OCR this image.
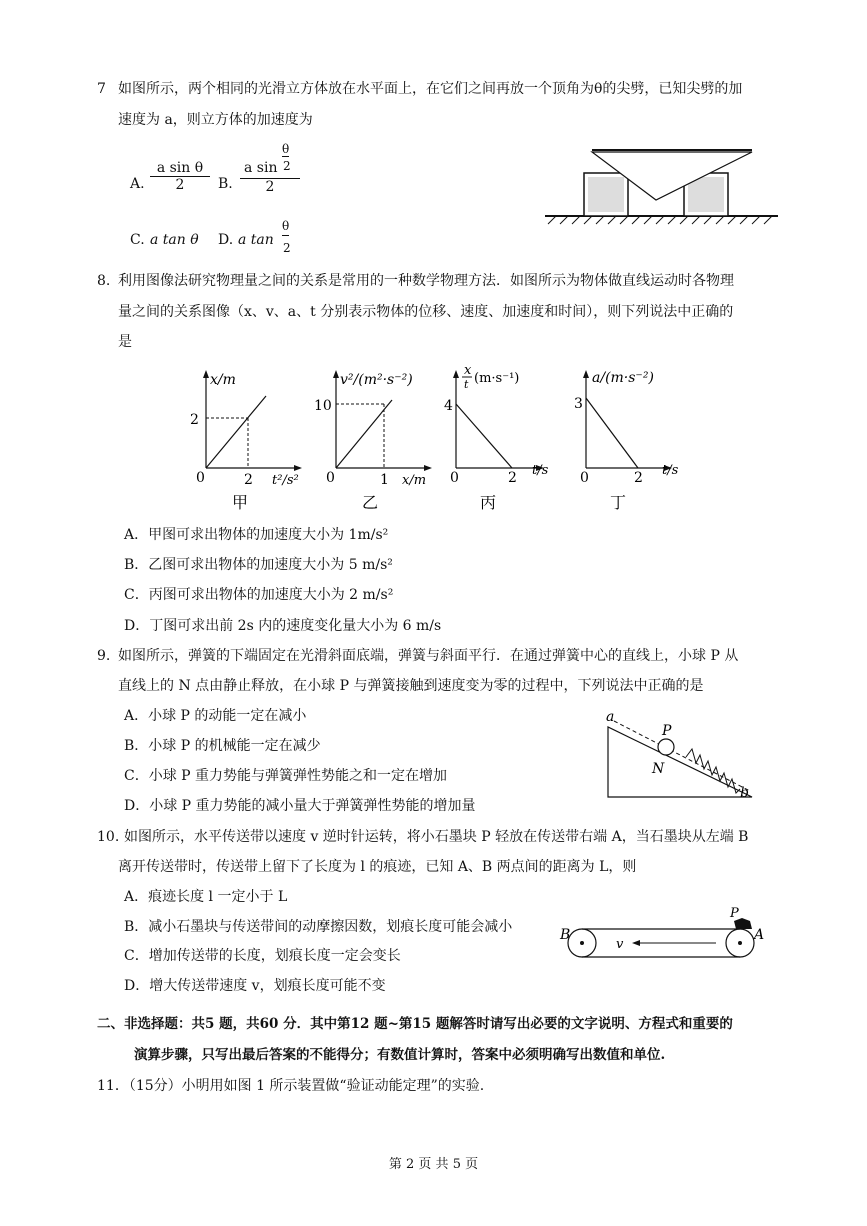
7 如图所示，两个相同的光滑立方体放在水平面上，在它们之间再放一个顶角为θ的尖劈，已知尖劈的加
速度为 a，则立方体的加速度为
A. $\frac{\text{a sin θ}}{2} B$. a sin
θ
2
2
C. a tan θ D. a tan
θ
2
8. 利用图像法研究物理量之间的关系是常用的一种数学物理方法．如图所示为物体做直线运动时各物理
量之间的关系图像（x、v、a、t 分别表示物体的位移、速度、加速度和时间），则下列说法中正确的
是
x/m
2
2
0	t²/s²
甲
v²/(m²·s⁻²)
10
1
0	x/m
乙
x
t (m·s⁻¹)
4
2
0	t/s
丙
a/(m·s⁻²)
3
2
0	t/s
丁
A．甲图可求出物体的加速度大小为 1m/s²
B．乙图可求出物体的加速度大小为 5 m/s²
C．丙图可求出物体的加速度大小为 2 m/s²
D．丁图可求出前 2s 内的速度变化量大小为 6 m/s
9. 如图所示，弹簧的下端固定在光滑斜面底端，弹簧与斜面平行．在通过弹簧中心的直线上，小球 P 从
直线上的 N 点由静止释放，在小球 P 与弹簧接触到速度变为零的过程中，下列说法中正确的是
A．小球 P 的动能一定在减小
B．小球 P 的机械能一定在减少
C．小球 P 重力势能与弹簧弹性势能之和一定在增加
D．小球 P 重力势能的减小量大于弹簧弹性势能的增加量
a
P
N
b
10. 如图所示，水平传送带以速度 v 逆时针运转，将小石墨块 P 轻放在传送带右端 A，当石墨块从左端 B
离开传送带时，传送带上留下了长度为 l 的痕迹，已知 A、B 两点间的距离为 L，则
A．痕迹长度 l 一定小于 L
B．减小石墨块与传送带间的动摩擦因数，划痕长度可能会减小
C．增加传送带的长度，划痕长度一定会变长
D．增大传送带速度 v，划痕长度可能不变
v
P
B	A
二、非选择题：共5 题，共60 分．其中第12 题~第15 题解答时请写出必要的文字说明、方程式和重要的
演算步骤，只写出最后答案的不能得分；有数值计算时，答案中必须明确写出数值和单位.
11．（15分）小明用如图 1 所示装置做“验证动能定理”的实验.
第 2 页 共 5 页
